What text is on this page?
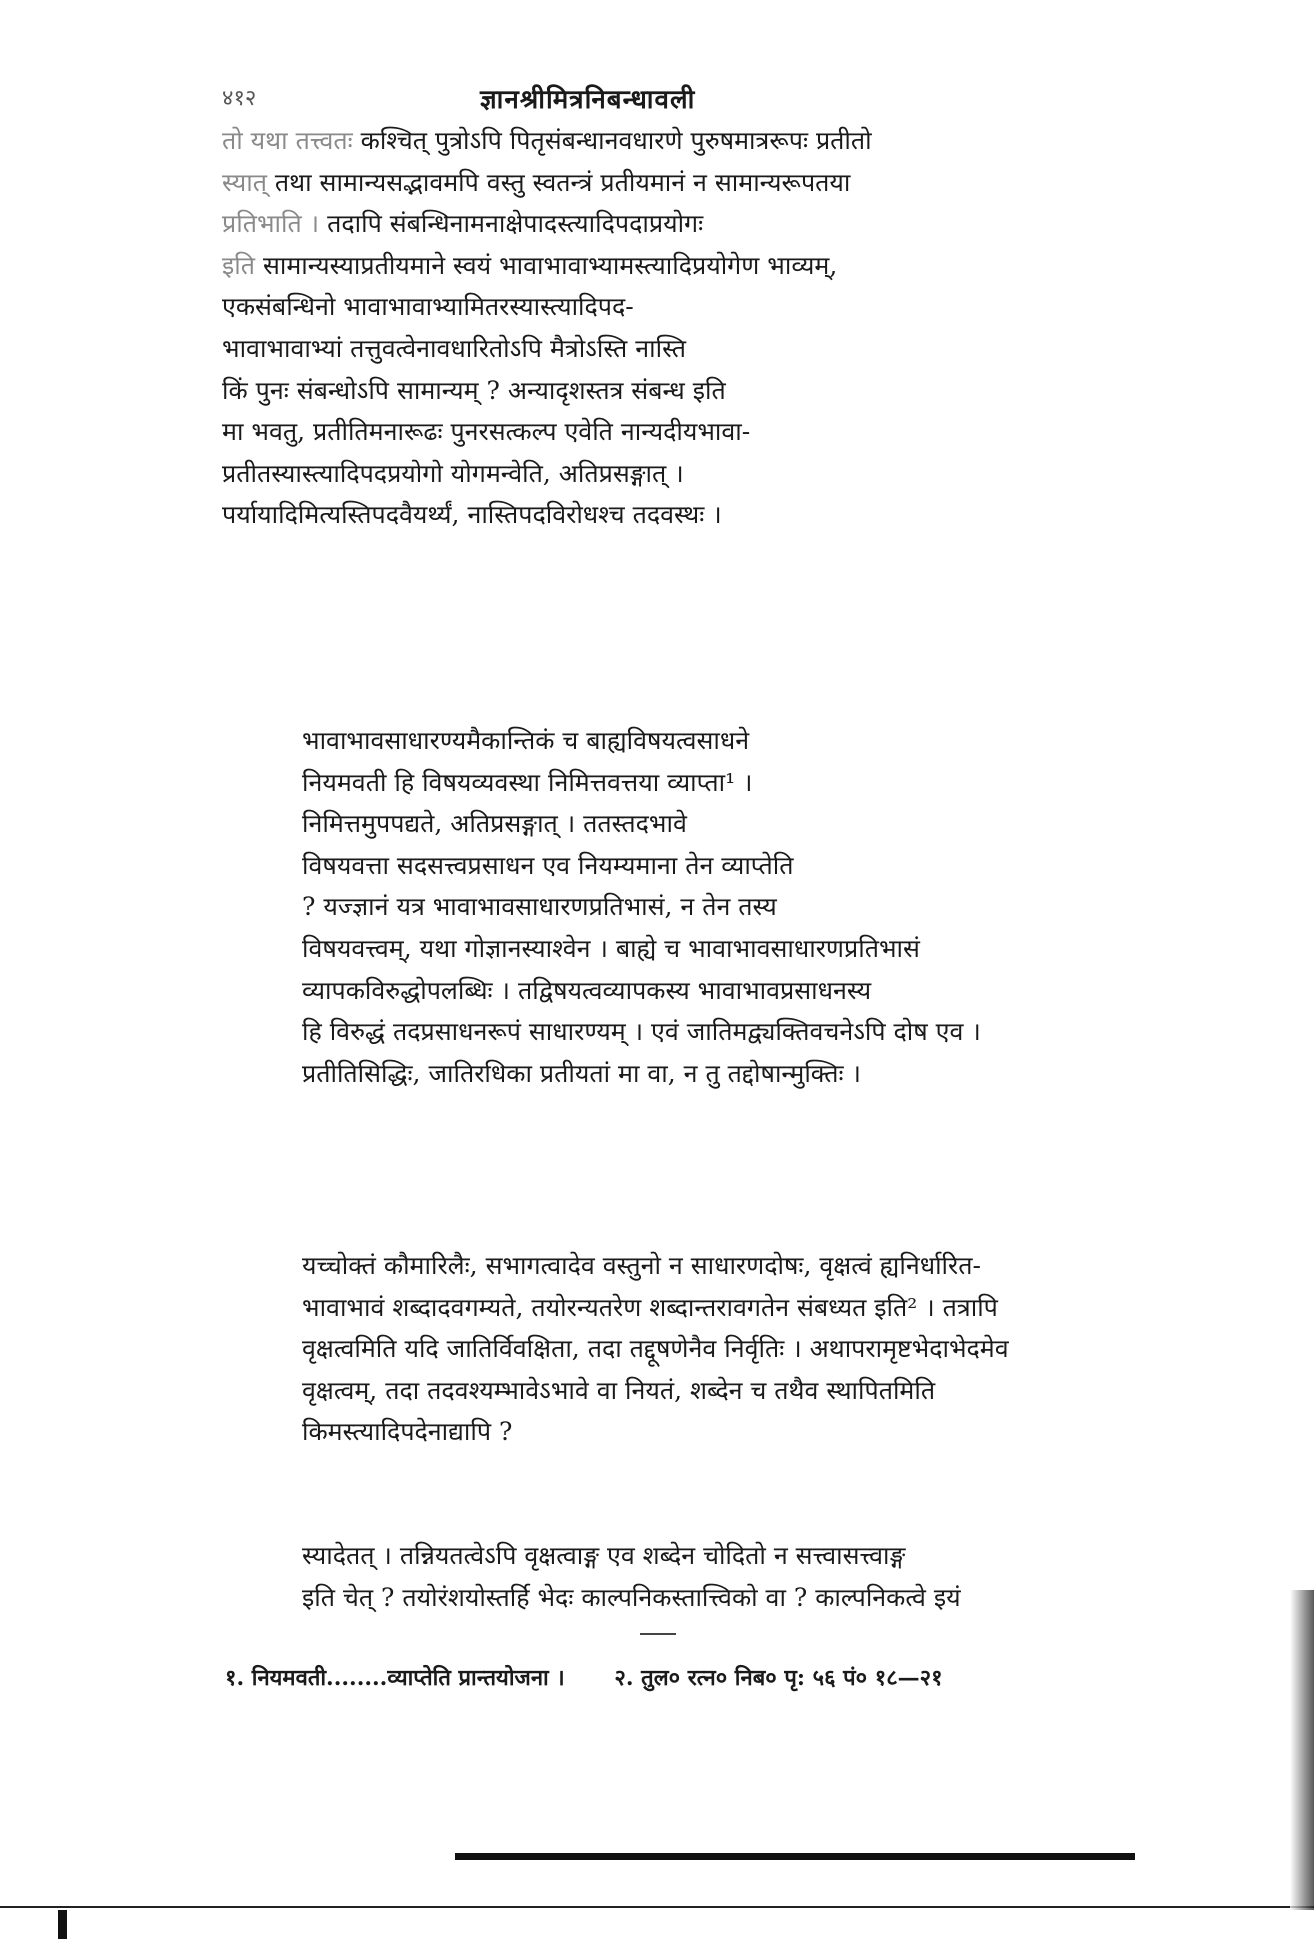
४१२	ज्ञानश्रीमित्रनिबन्धावली
तो यथा तत्त्वतः कश्चित् पुत्रोऽपि पितृसंबन्धानवधारणे पुरुषमात्ररूपः प्रतीतो
स्यात् तथा सामान्यसद्भावमपि वस्तु स्वतन्त्रं प्रतीयमानं न सामान्यरूपतया
प्रतिभाति । तदापि संबन्धिनामनाक्षेपादस्त्यादिपदाप्रयोगः
इति सामान्यस्याप्रतीयमाने स्वयं भावाभावाभ्यामस्त्यादिप्रयोगेण भाव्यम्,
एकसंबन्धिनो भावाभावाभ्यामितरस्यास्त्यादिपद-
भावाभावाभ्यां तत्तुवत्वेनावधारितोऽपि मैत्रोऽस्ति नास्ति
किं पुनः संबन्धोऽपि सामान्यम् ? अन्यादृशस्तत्र संबन्ध इति
मा भवतु, प्रतीतिमनारूढः पुनरसत्कल्प एवेति नान्यदीयभावा-
प्रतीतस्यास्त्यादिपदप्रयोगो योगमन्वेति, अतिप्रसङ्गात् ।
पर्यायादिमित्यस्तिपदवैयर्थ्यं, नास्तिपदविरोधश्च तदवस्थः ।
भावाभावसाधारण्यमैकान्तिकं च बाह्यविषयत्वसाधने
नियमवती हि विषयव्यवस्था निमित्तवत्तया व्याप्ता¹ ।
निमित्तमुपपद्यते, अतिप्रसङ्गात् । ततस्तदभावे
विषयवत्ता सदसत्त्वप्रसाधन एव नियम्यमाना तेन व्याप्तेति
? यज्ज्ञानं यत्र भावाभावसाधारणप्रतिभासं, न तेन तस्य
विषयवत्त्वम्, यथा गोज्ञानस्याश्वेन । बाह्ये च भावाभावसाधारणप्रतिभासं
व्यापकविरुद्धोपलब्धिः । तद्विषयत्वव्यापकस्य भावाभावप्रसाधनस्य
हि विरुद्धं तदप्रसाधनरूपं साधारण्यम् । एवं जातिमद्व्यक्तिवचनेऽपि दोष एव ।
प्रतीतिसिद्धिः, जातिरधिका प्रतीयतां मा वा, न तु तद्दोषान्मुक्तिः ।
यच्चोक्तं कौमारिलैः, सभागत्वादेव वस्तुनो न साधारणदोषः, वृक्षत्वं ह्यनिर्धारित-
भावाभावं शब्दादवगम्यते, तयोरन्यतरेण शब्दान्तरावगतेन संबध्यत इति² । तत्रापि
वृक्षत्वमिति यदि जातिर्विवक्षिता, तदा तद्दूषणेनैव निर्वृतिः । अथापरामृष्टभेदाभेदमेव
वृक्षत्वम्, तदा तदवश्यम्भावेऽभावे वा नियतं, शब्देन च तथैव स्थापितमिति
किमस्त्यादिपदेनाद्यापि ?
स्यादेतत् । तन्नियतत्वेऽपि वृक्षत्वाङ्ग एव शब्देन चोदितो न सत्त्वासत्त्वाङ्ग
इति चेत् ? तयोरंशयोस्तर्हि भेदः काल्पनिकस्तात्त्विको वा ? काल्पनिकत्वे इयं
१. नियमवती........व्याप्तेति प्रान्तयोजना । २. तुल० रत्न० निब० पृ: ५६ पं० १८—२१
